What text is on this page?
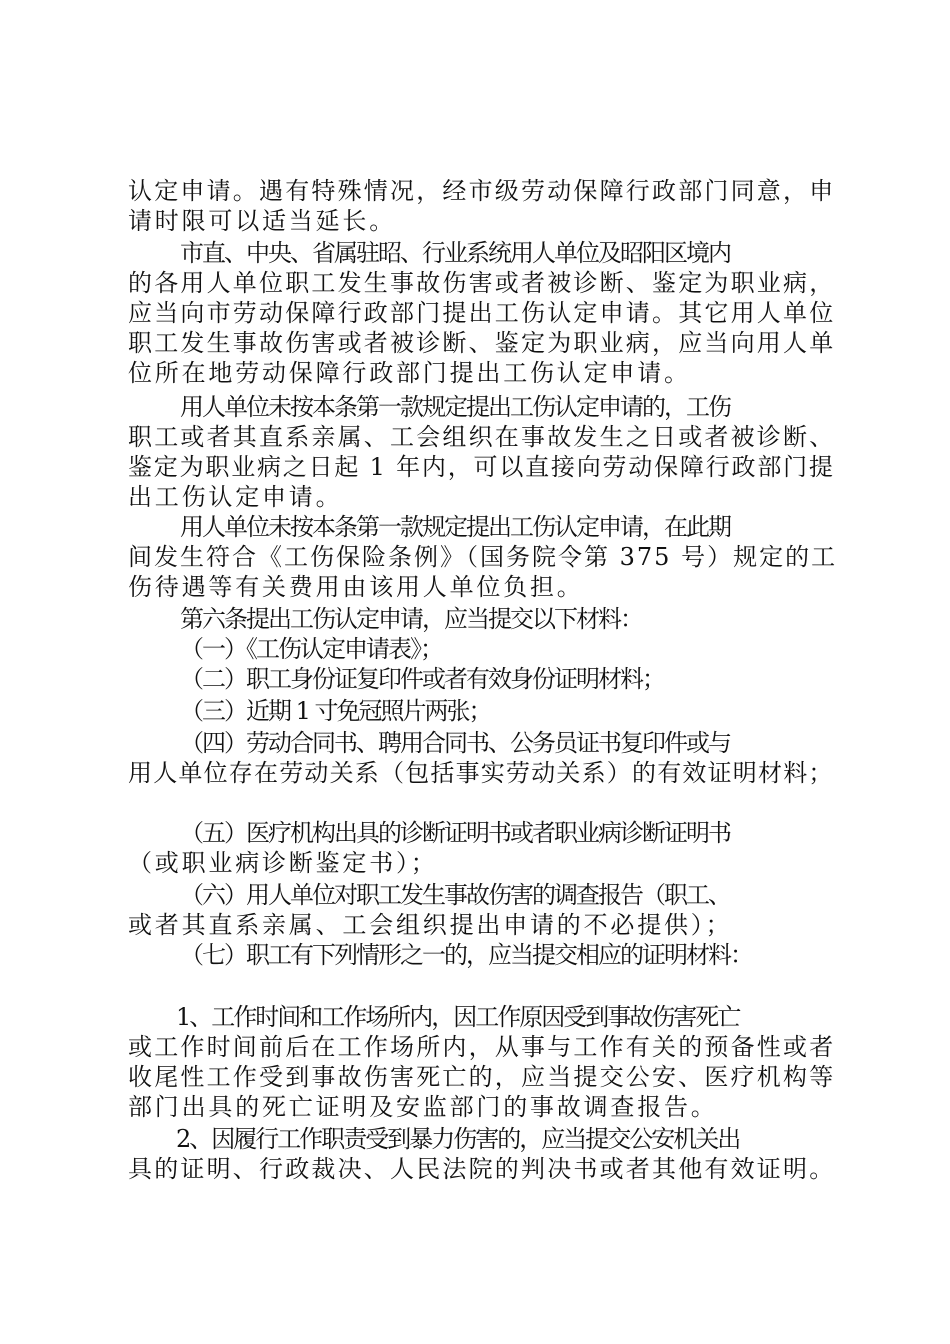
认定申请。遇有特殊情况，经市级劳动保障行政部门同意，申
请时限可以适当延长。
市直、中央、省属驻昭、行业系统用人单位及昭阳区境内
的各用人单位职工发生事故伤害或者被诊断、鉴定为职业病，
应当向市劳动保障行政部门提出工伤认定申请。其它用人单位
职工发生事故伤害或者被诊断、鉴定为职业病，应当向用人单
位所在地劳动保障行政部门提出工伤认定申请。
用人单位未按本条第一款规定提出工伤认定申请的，工伤
职工或者其直系亲属、工会组织在事故发生之日或者被诊断、
鉴定为职业病之日起 1 年内，可以直接向劳动保障行政部门提
出工伤认定申请。
用人单位未按本条第一款规定提出工伤认定申请，在此期
间发生符合《工伤保险条例》（国务院令第 375 号）规定的工
伤待遇等有关费用由该用人单位负担。
第六条提出工伤认定申请，应当提交以下材料：
（一）《工伤认定申请表》；
（二）职工身份证复印件或者有效身份证明材料；
（三）近期 1 寸免冠照片两张；
（四）劳动合同书、聘用合同书、公务员证书复印件或与
用人单位存在劳动关系（包括事实劳动关系）的有效证明材料；
（五）医疗机构出具的诊断证明书或者职业病诊断证明书
（或职业病诊断鉴定书）；
（六）用人单位对职工发生事故伤害的调查报告（职工、
或者其直系亲属、工会组织提出申请的不必提供）；
（七）职工有下列情形之一的，应当提交相应的证明材料：
1、工作时间和工作场所内，因工作原因受到事故伤害死亡
或工作时间前后在工作场所内，从事与工作有关的预备性或者
收尾性工作受到事故伤害死亡的，应当提交公安、医疗机构等
部门出具的死亡证明及安监部门的事故调查报告。
2、因履行工作职责受到暴力伤害的，应当提交公安机关出
具的证明、行政裁决、人民法院的判决书或者其他有效证明。
